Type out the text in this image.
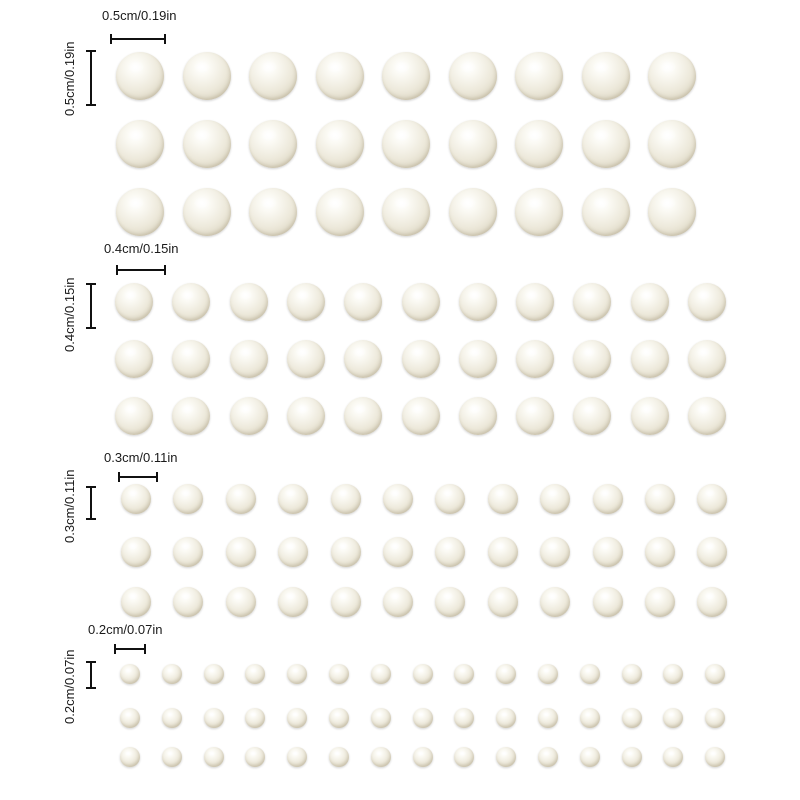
0.5cm/0.19in
0.5cm/0.19in
0.4cm/0.15in
0.4cm/0.15in
0.3cm/0.11in
0.3cm/0.11in
0.2cm/0.07in
0.2cm/0.07in
